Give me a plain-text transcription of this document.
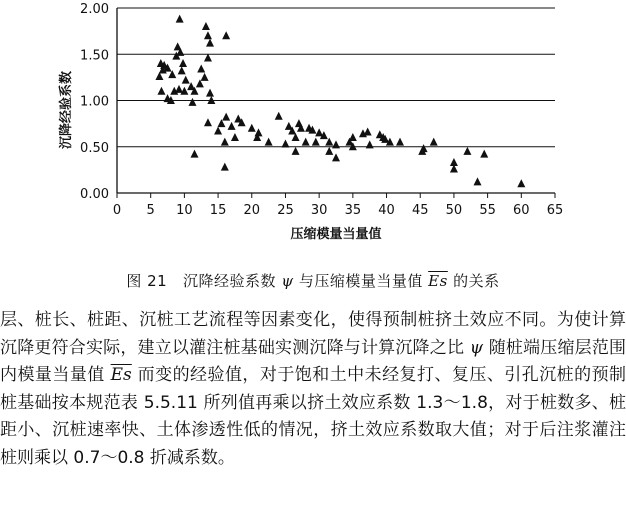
0.00
0.50
1.00
1.50
2.00
0 5 10 15 20 25 30 35 40 45 50 55 60 65
压缩模量当量值
沉降经验系数
图 21 沉降经验系数 ψ 与压缩模量当量值 $\overline{Es}$ 的关系

层、桩长、桩距、沉桩工艺流程等因素变化，使得预制桩挤土效应不同。为使计算沉降更符合实际，建立以灌注桩基础实测沉降与计算沉降之比 ψ 随桩端压缩层范围内模量当量值 $\overline{Es}$ 而变的经验值，对于饱和土中未经复打、复压、引孔沉桩的预制桩基础按本规范表 5.5.11 所列值再乘以挤土效应系数 1.3～1.8，对于桩数多、桩距小、沉桩速率快、土体渗透性低的情况，挤土效应系数取大值；对于后注浆灌注桩则乘以 0.7～0.8 折减系数。
